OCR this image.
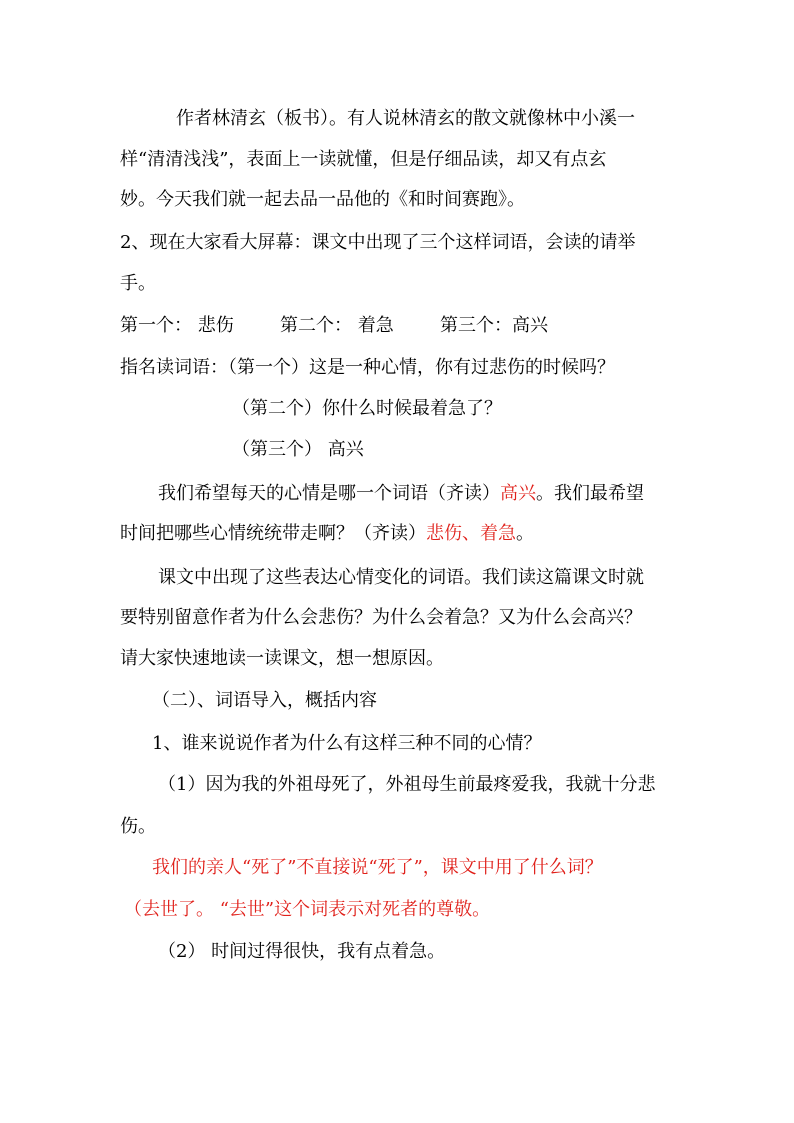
作者林清玄（板书）。有人说林清玄的散文就像林中小溪一
样“清清浅浅”，表面上一读就懂，但是仔细品读，却又有点玄
妙。今天我们就一起去品一品他的《和时间赛跑》。
2、现在大家看大屏幕：课文中出现了三个这样词语，会读的请举
手。
第一个： 悲伤	第二个： 着急	第三个：高兴
指名读词语：（第一个）这是一种心情，你有过悲伤的时候吗？
（第二个）你什么时候最着急了？
（第三个） 高兴
我们希望每天的心情是哪一个词语（齐读）高兴。我们最希望
时间把哪些心情统统带走啊？（齐读）悲伤、着急。
课文中出现了这些表达心情变化的词语。我们读这篇课文时就
要特别留意作者为什么会悲伤？为什么会着急？又为什么会高兴？
请大家快速地读一读课文，想一想原因。
（二）、词语导入，概括内容
1、谁来说说作者为什么有这样三种不同的心情？
（1）因为我的外祖母死了，外祖母生前最疼爱我，我就十分悲
伤。
我们的亲人“死了”不直接说“死了”，课文中用了什么词？
（去世了。 “去世”这个词表示对死者的尊敬。
（2） 时间过得很快，我有点着急。
